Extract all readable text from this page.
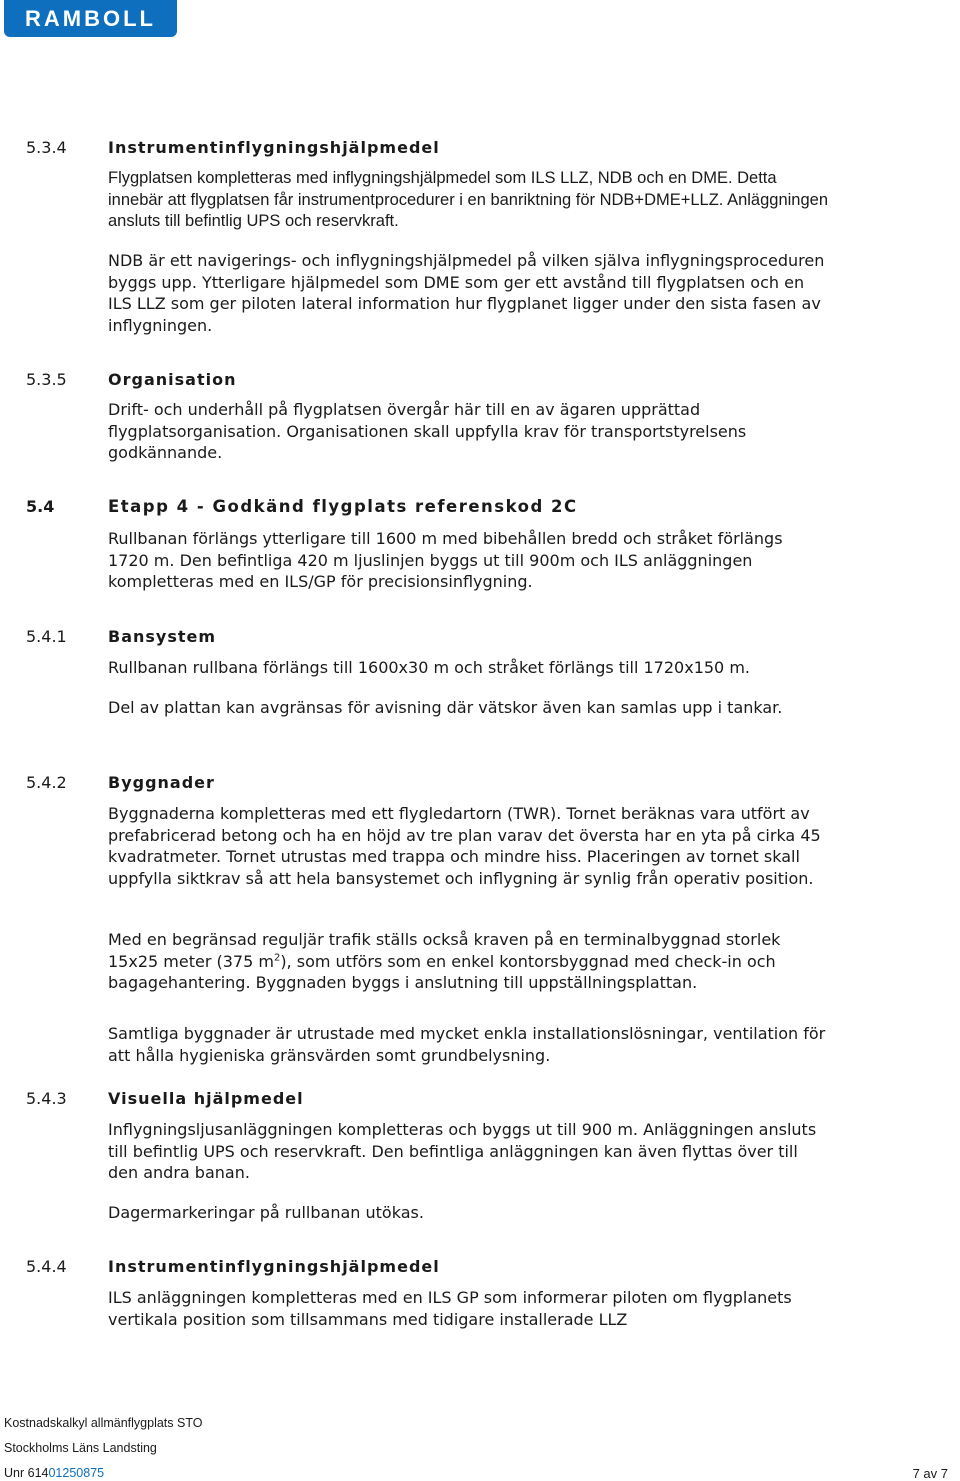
RAMBOLL
5.3.4	Instrumentinflygningshjälpmedel

Flygplatsen kompletteras med inflygningshjälpmedel som ILS LLZ, NDB och en DME. Detta innebär att flygplatsen får instrumentprocedurer i en banriktning för NDB+DME+LLZ. Anläggningen ansluts till befintlig UPS och reservkraft.

NDB är ett navigerings- och inflygningshjälpmedel på vilken själva inflygningsproceduren byggs upp. Ytterligare hjälpmedel som DME som ger ett avstånd till flygplatsen och en ILS LLZ som ger piloten lateral information hur flygplanet ligger under den sista fasen av inflygningen.

5.3.5	Organisation

Drift- och underhåll på flygplatsen övergår här till en av ägaren upprättad flygplatsorganisation. Organisationen skall uppfylla krav för transportstyrelsens godkännande.

5.4	Etapp 4 - Godkänd flygplats referenskod 2C

Rullbanan förlängs ytterligare till 1600 m med bibehållen bredd och stråket förlängs 1720 m. Den befintliga 420 m ljuslinjen byggs ut till 900m och ILS anläggningen kompletteras med en ILS/GP för precisionsinflygning.

5.4.1	Bansystem

Rullbanan rullbana förlängs till 1600x30 m och stråket förlängs till 1720x150 m.

Del av plattan kan avgränsas för avisning där vätskor även kan samlas upp i tankar.

5.4.2	Byggnader

Byggnaderna kompletteras med ett flygledartorn (TWR). Tornet beräknas vara utfört av prefabricerad betong och ha en höjd av tre plan varav det översta har en yta på cirka 45 kvadratmeter. Tornet utrustas med trappa och mindre hiss. Placeringen av tornet skall uppfylla siktkrav så att hela bansystemet och inflygning är synlig från operativ position.

Med en begränsad reguljär trafik ställs också kraven på en terminalbyggnad storlek 15x25 meter (375 $m^2$), som utförs som en enkel kontorsbyggnad med check-in och bagagehantering. Byggnaden byggs i anslutning till uppställningsplattan.

Samtliga byggnader är utrustade med mycket enkla installationslösningar, ventilation för att hålla hygieniska gränsvärden somt grundbelysning.

5.4.3	Visuella hjälpmedel

Inflygningsljusanläggningen kompletteras och byggs ut till 900 m. Anläggningen ansluts till befintlig UPS och reservkraft. Den befintliga anläggningen kan även flyttas över till den andra banan.

Dagermarkeringar på rullbanan utökas.

5.4.4	Instrumentinflygningshjälpmedel

ILS anläggningen kompletteras med en ILS GP som informerar piloten om flygplanets vertikala position som tillsammans med tidigare installerade LLZ

Kostnadskalkyl allmänflygplats STO
Stockholms Läns Landsting
Unr 61401250875	7 av 7
